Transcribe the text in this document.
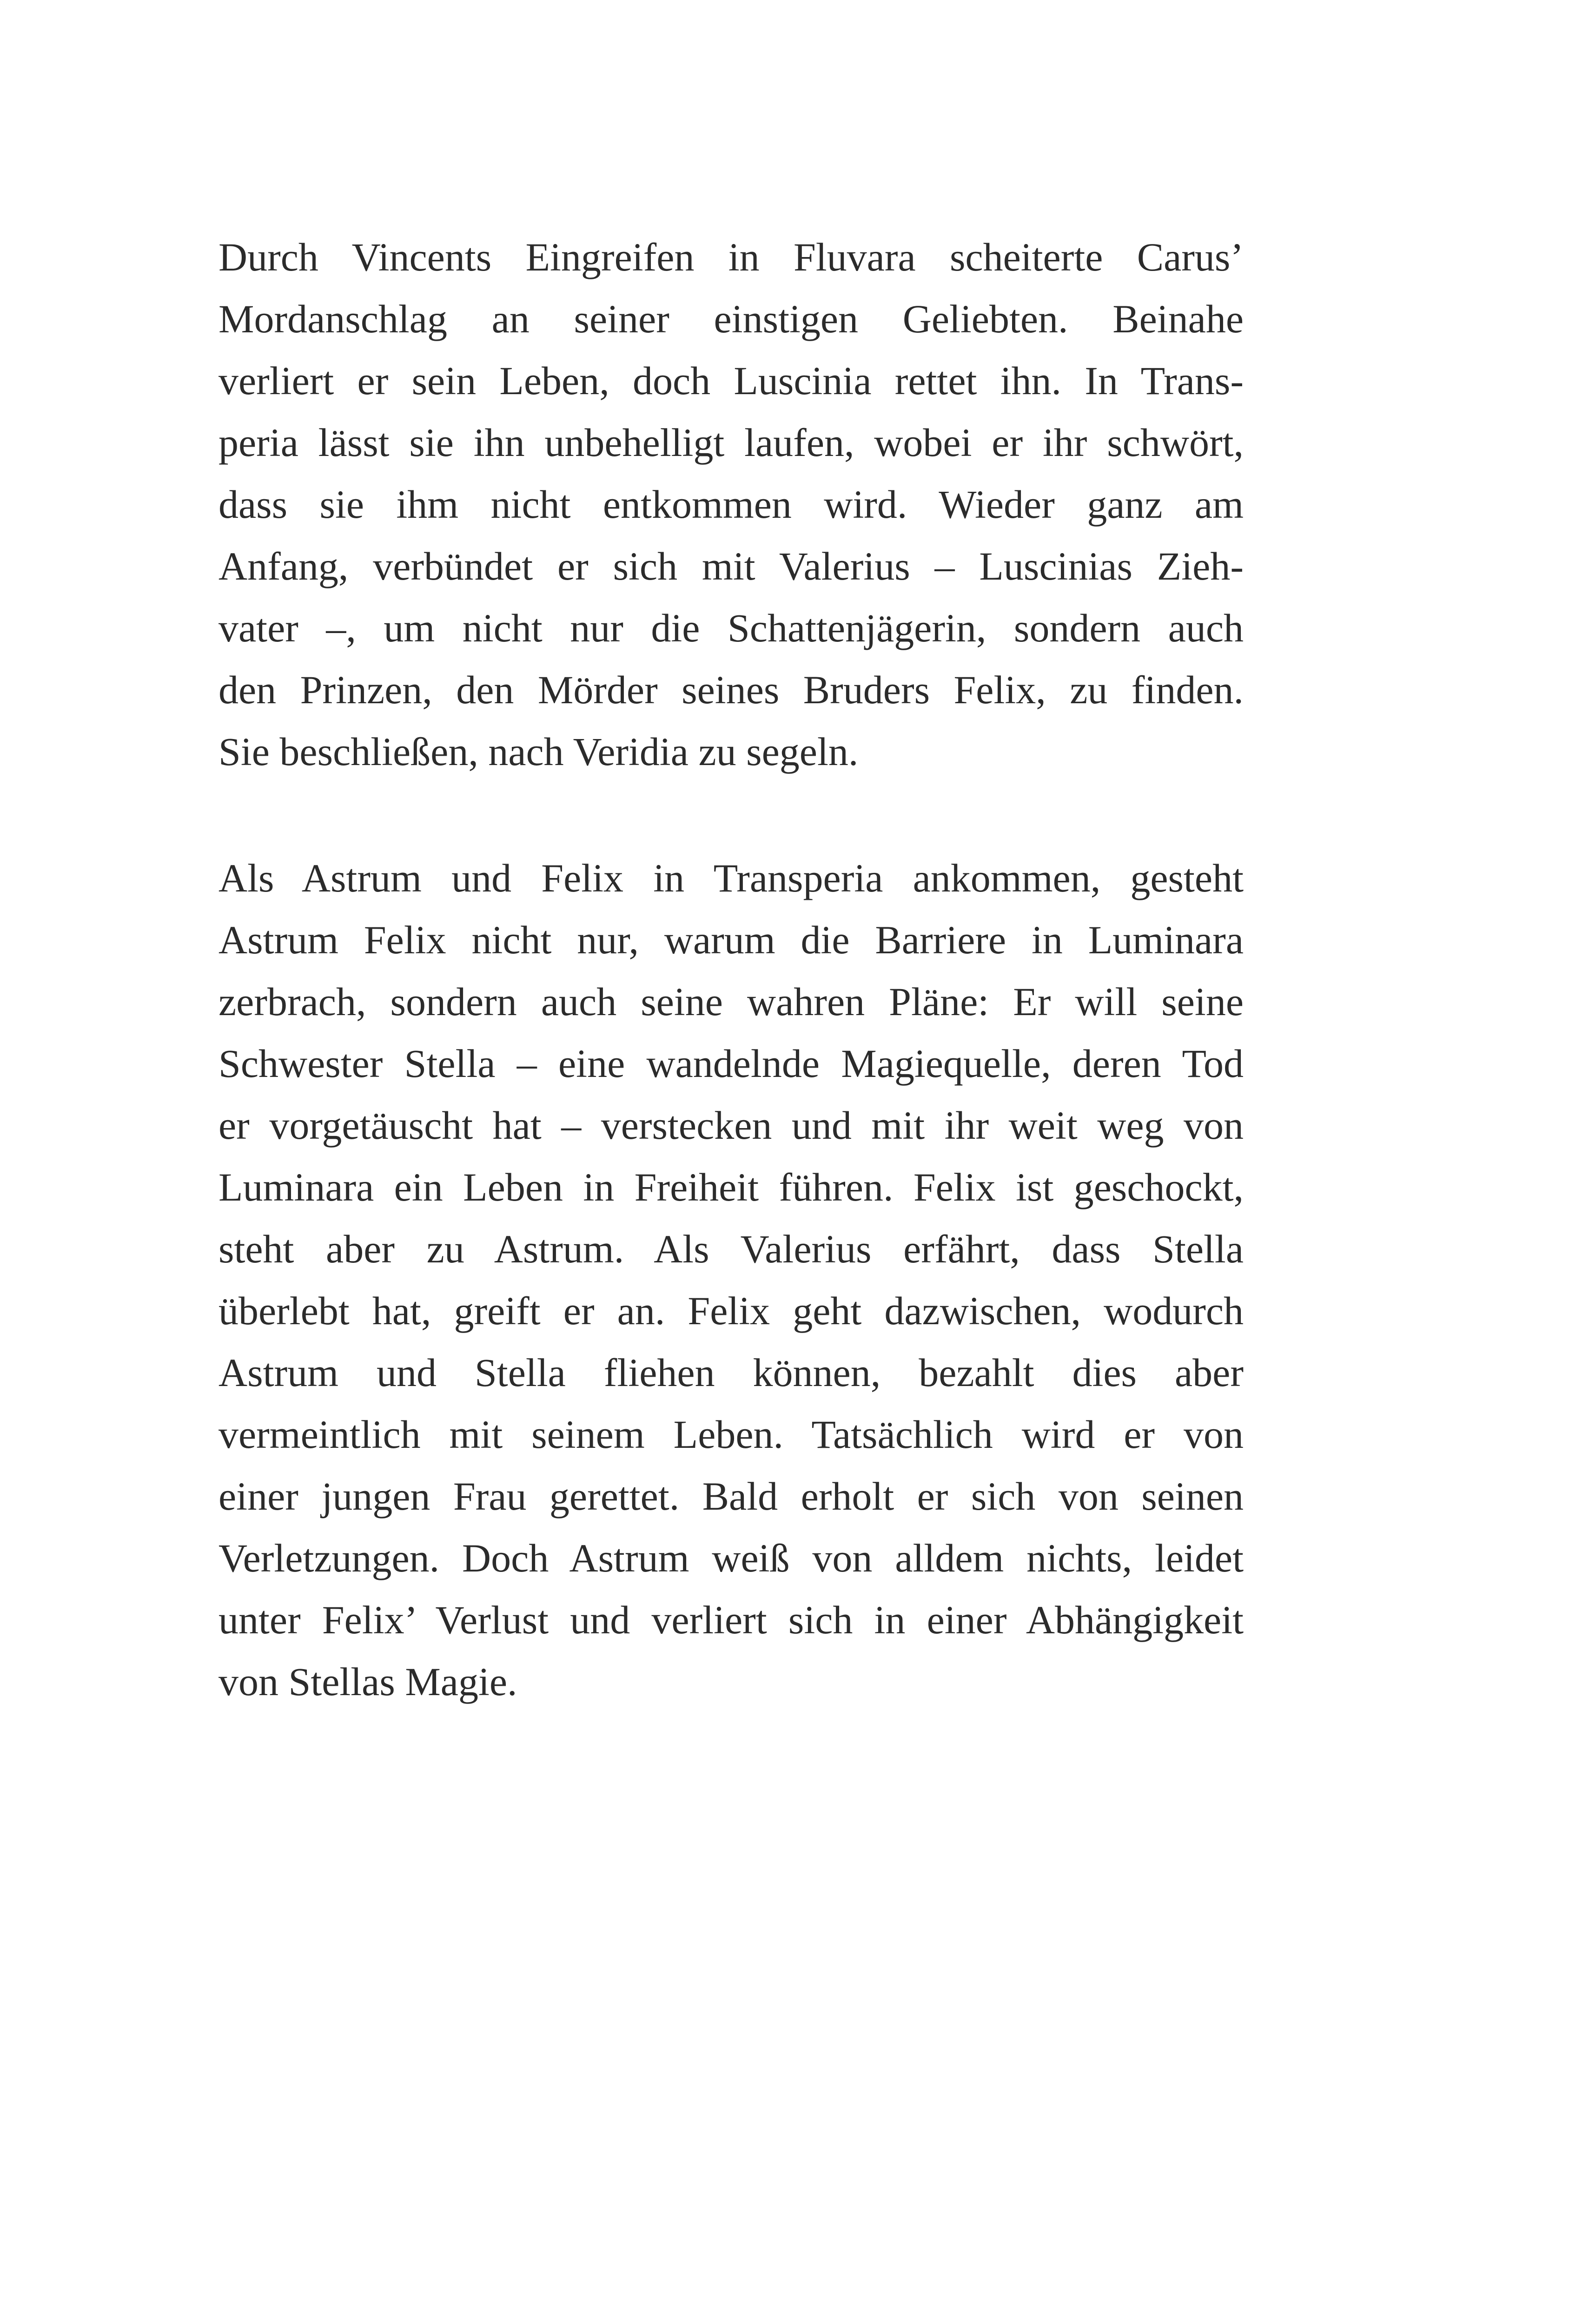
Durch Vincents Eingreifen in Fluvara scheiterte Carus’
Mordanschlag an seiner einstigen Geliebten. Beinahe
verliert er sein Leben, doch Luscinia rettet ihn. In Trans-
peria lässt sie ihn unbehelligt laufen, wobei er ihr schwört,
dass sie ihm nicht entkommen wird. Wieder ganz am
Anfang, verbündet er sich mit Valerius – Luscinias Zieh-
vater –, um nicht nur die Schattenjägerin, sondern auch
den Prinzen, den Mörder seines Bruders Felix, zu finden.
Sie beschließen, nach Veridia zu segeln.
Als Astrum und Felix in Transperia ankommen, gesteht
Astrum Felix nicht nur, warum die Barriere in Luminara
zerbrach, sondern auch seine wahren Pläne: Er will seine
Schwester Stella – eine wandelnde Magiequelle, deren Tod
er vorgetäuscht hat – verstecken und mit ihr weit weg von
Luminara ein Leben in Freiheit führen. Felix ist geschockt,
steht aber zu Astrum. Als Valerius erfährt, dass Stella
überlebt hat, greift er an. Felix geht dazwischen, wodurch
Astrum und Stella fliehen können, bezahlt dies aber
vermeintlich mit seinem Leben. Tatsächlich wird er von
einer jungen Frau gerettet. Bald erholt er sich von seinen
Verletzungen. Doch Astrum weiß von alldem nichts, leidet
unter Felix’ Verlust und verliert sich in einer Abhängigkeit
von Stellas Magie.
